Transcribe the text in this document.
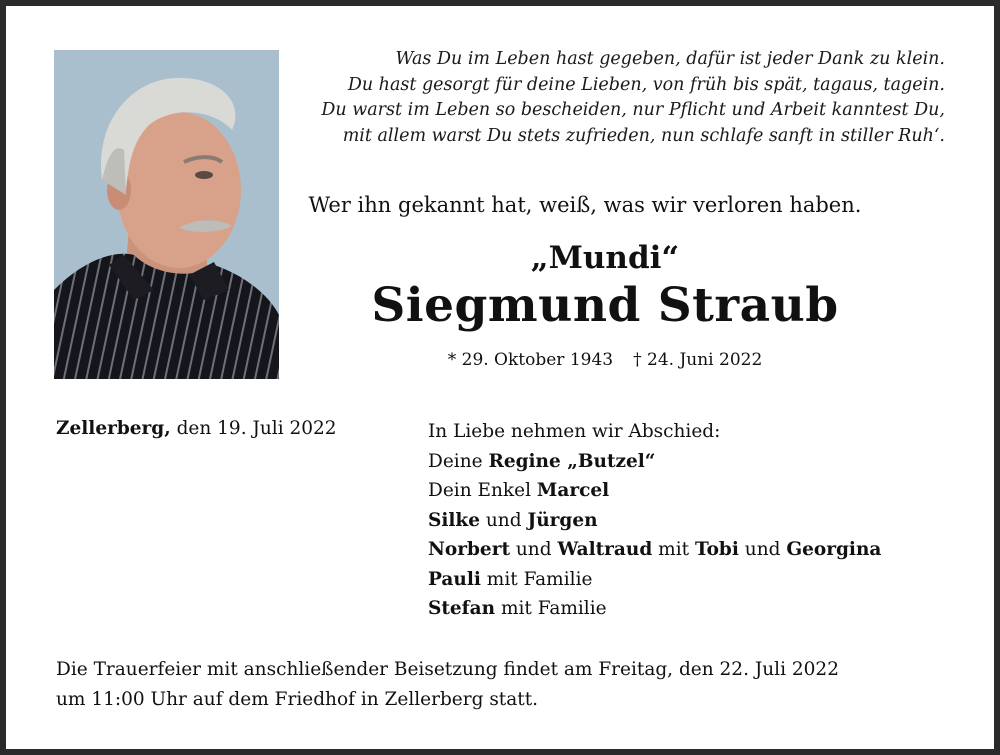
Was Du im Leben hast gegeben, dafür ist jeder Dank zu klein.
Du hast gesorgt für deine Lieben, von früh bis spät, tagaus, tagein.
Du warst im Leben so bescheiden, nur Pflicht und Arbeit kanntest Du,
mit allem warst Du stets zufrieden, nun schlafe sanft in stiller Ruh‘.
Wer ihn gekannt hat, weiß, was wir verloren haben.
„Mundi“
Siegmund Straub
* 29. Oktober 1943 † 24. Juni 2022
Zellerberg, den 19. Juli 2022	In Liebe nehmen wir Abschied:
Deine Regine „Butzel“
Dein Enkel Marcel
Silke und Jürgen
Norbert und Waltraud mit Tobi und Georgina
Pauli mit Familie
Stefan mit Familie
Die Trauerfeier mit anschließender Beisetzung findet am Freitag, den 22. Juli 2022
um 11:00 Uhr auf dem Friedhof in Zellerberg statt.
